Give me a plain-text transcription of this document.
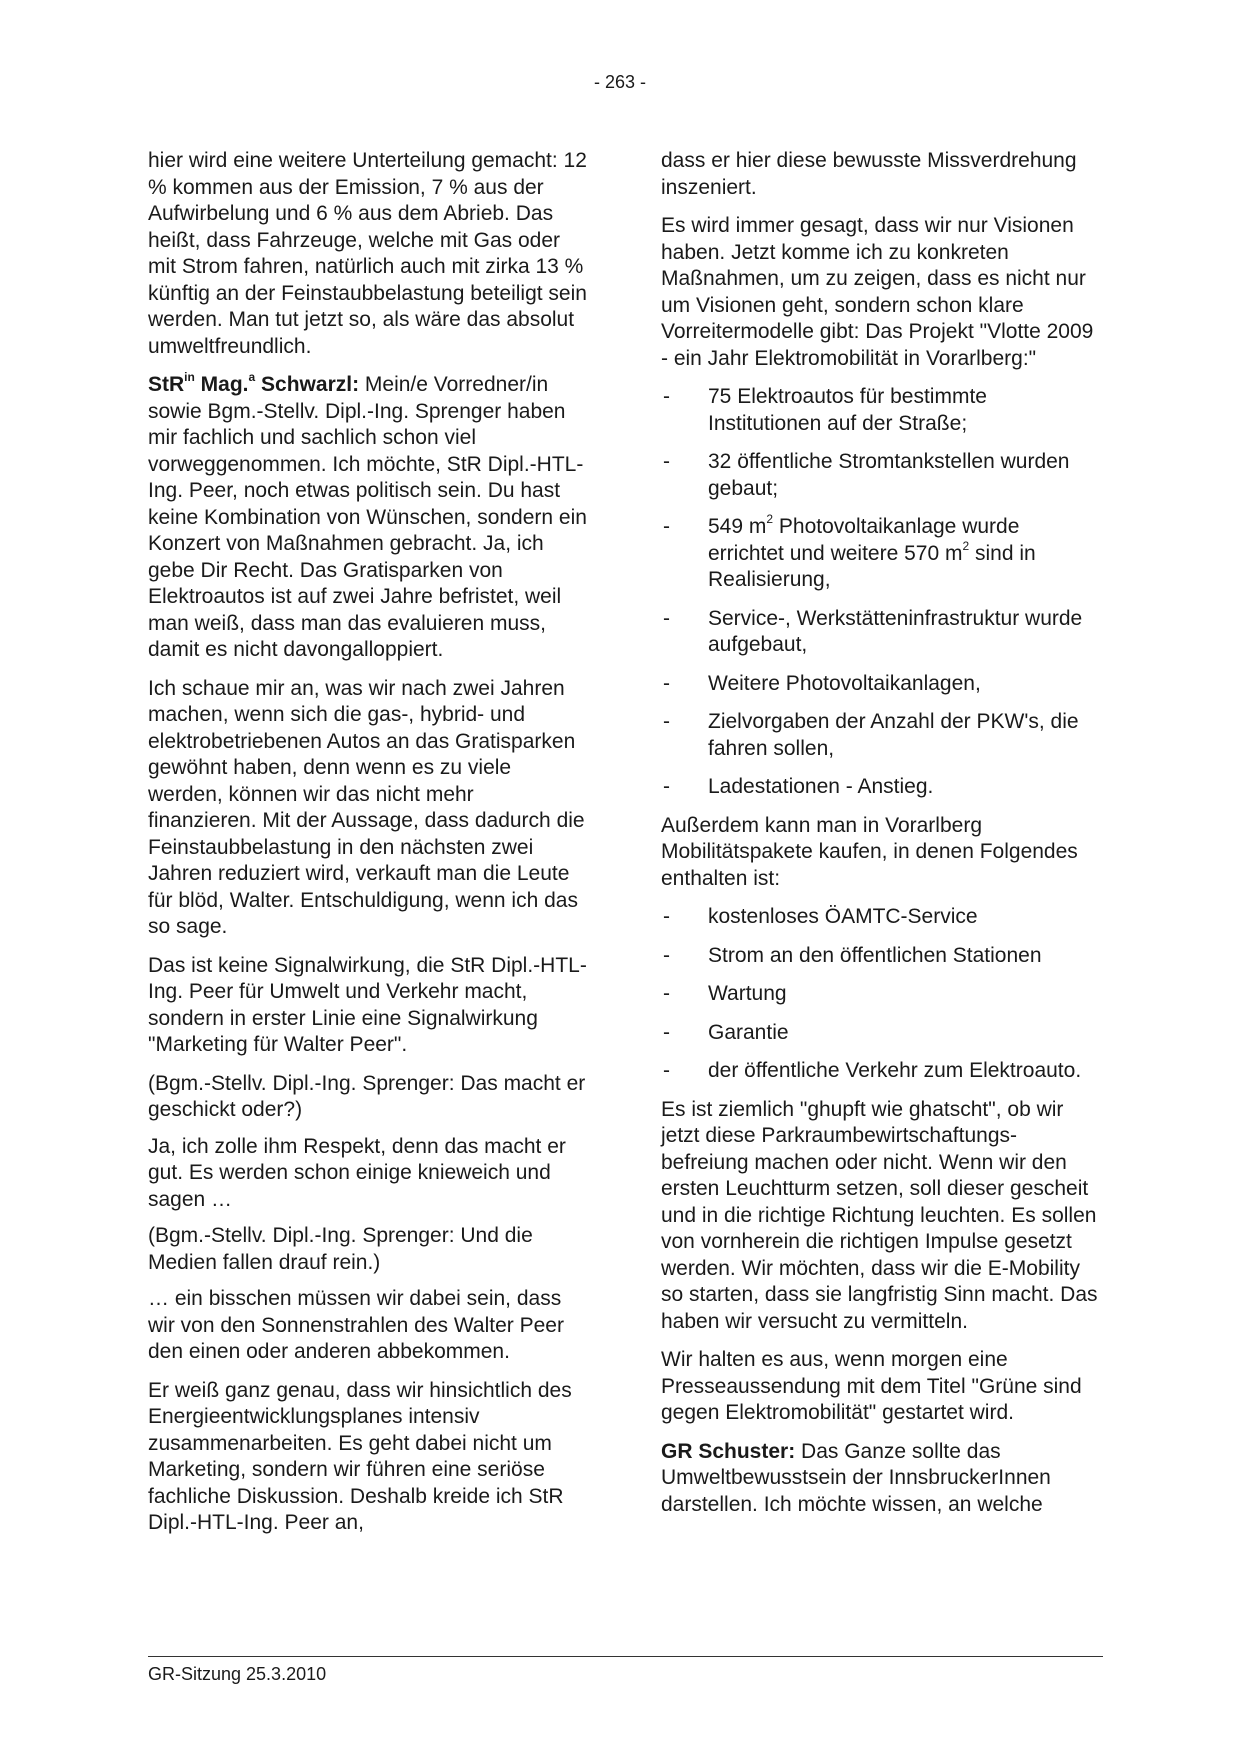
- 263 -

hier wird eine weitere Unterteilung gemacht: 12 % kommen aus der Emission, 7 % aus der Aufwirbelung und 6 % aus dem Abrieb. Das heißt, dass Fahrzeuge, welche mit Gas oder mit Strom fahren, natürlich auch mit zirka 13 % künftig an der Feinstaubbelastung beteiligt sein werden. Man tut jetzt so, als wäre das absolut umweltfreundlich.

StR$^{in}$ Mag.$^a$ Schwarzl: Mein/e Vorredner/in sowie Bgm.-Stellv. Dipl.-Ing. Sprenger haben mir fachlich und sachlich schon viel vorweggenommen. Ich möchte, StR Dipl.-HTL-Ing. Peer, noch etwas politisch sein. Du hast keine Kombination von Wünschen, sondern ein Konzert von Maßnahmen gebracht. Ja, ich gebe Dir Recht. Das Gratisparken von Elektroautos ist auf zwei Jahre befristet, weil man weiß, dass man das evaluieren muss, damit es nicht davongalloppiert.

Ich schaue mir an, was wir nach zwei Jahren machen, wenn sich die gas-, hybrid- und elektrobetriebenen Autos an das Gratisparken gewöhnt haben, denn wenn es zu viele werden, können wir das nicht mehr finanzieren. Mit der Aussage, dass dadurch die Feinstaubbelastung in den nächsten zwei Jahren reduziert wird, verkauft man die Leute für blöd, Walter. Entschuldigung, wenn ich das so sage.

Das ist keine Signalwirkung, die StR Dipl.-HTL-Ing. Peer für Umwelt und Verkehr macht, sondern in erster Linie eine Signalwirkung "Marketing für Walter Peer".

(Bgm.-Stellv. Dipl.-Ing. Sprenger: Das macht er geschickt oder?)

Ja, ich zolle ihm Respekt, denn das macht er gut. Es werden schon einige knieweich und sagen …

(Bgm.-Stellv. Dipl.-Ing. Sprenger: Und die Medien fallen drauf rein.)

… ein bisschen müssen wir dabei sein, dass wir von den Sonnenstrahlen des Walter Peer den einen oder anderen abbekommen.

Er weiß ganz genau, dass wir hinsichtlich des Energieentwicklungsplanes intensiv zusammenarbeiten. Es geht dabei nicht um Marketing, sondern wir führen eine seriöse fachliche Diskussion. Deshalb kreide ich StR Dipl.-HTL-Ing. Peer an,

dass er hier diese bewusste Missverdrehung inszeniert.

Es wird immer gesagt, dass wir nur Visionen haben. Jetzt komme ich zu konkreten Maßnahmen, um zu zeigen, dass es nicht nur um Visionen geht, sondern schon klare Vorreitermodelle gibt: Das Projekt "Vlotte 2009 - ein Jahr Elektromobilität in Vorarlberg:"

- 75 Elektroautos für bestimmte Institutionen auf der Straße;
- 32 öffentliche Stromtankstellen wurden gebaut;
- 549 $m^2$ Photovoltaikanlage wurde errichtet und weitere 570 $m^2$ sind in Realisierung,
- Service-, Werkstätteninfrastruktur wurde aufgebaut,
- Weitere Photovoltaikanlagen,
- Zielvorgaben der Anzahl der PKW's, die fahren sollen,
- Ladestationen - Anstieg.

Außerdem kann man in Vorarlberg Mobilitätspakete kaufen, in denen Folgendes enthalten ist:

- kostenloses ÖAMTC-Service
- Strom an den öffentlichen Stationen
- Wartung
- Garantie
- der öffentliche Verkehr zum Elektroauto.

Es ist ziemlich "ghupft wie ghatscht", ob wir jetzt diese Parkraumbewirtschaftungs-befreiung machen oder nicht. Wenn wir den ersten Leuchtturm setzen, soll dieser gescheit und in die richtige Richtung leuchten. Es sollen von vornherein die richtigen Impulse gesetzt werden. Wir möchten, dass wir die E-Mobility so starten, dass sie langfristig Sinn macht. Das haben wir versucht zu vermitteln.

Wir halten es aus, wenn morgen eine Presseaussendung mit dem Titel "Grüne sind gegen Elektromobilität" gestartet wird.

GR Schuster: Das Ganze sollte das Umweltbewusstsein der InnsbruckerInnen darstellen. Ich möchte wissen, an welche

GR-Sitzung 25.3.2010
